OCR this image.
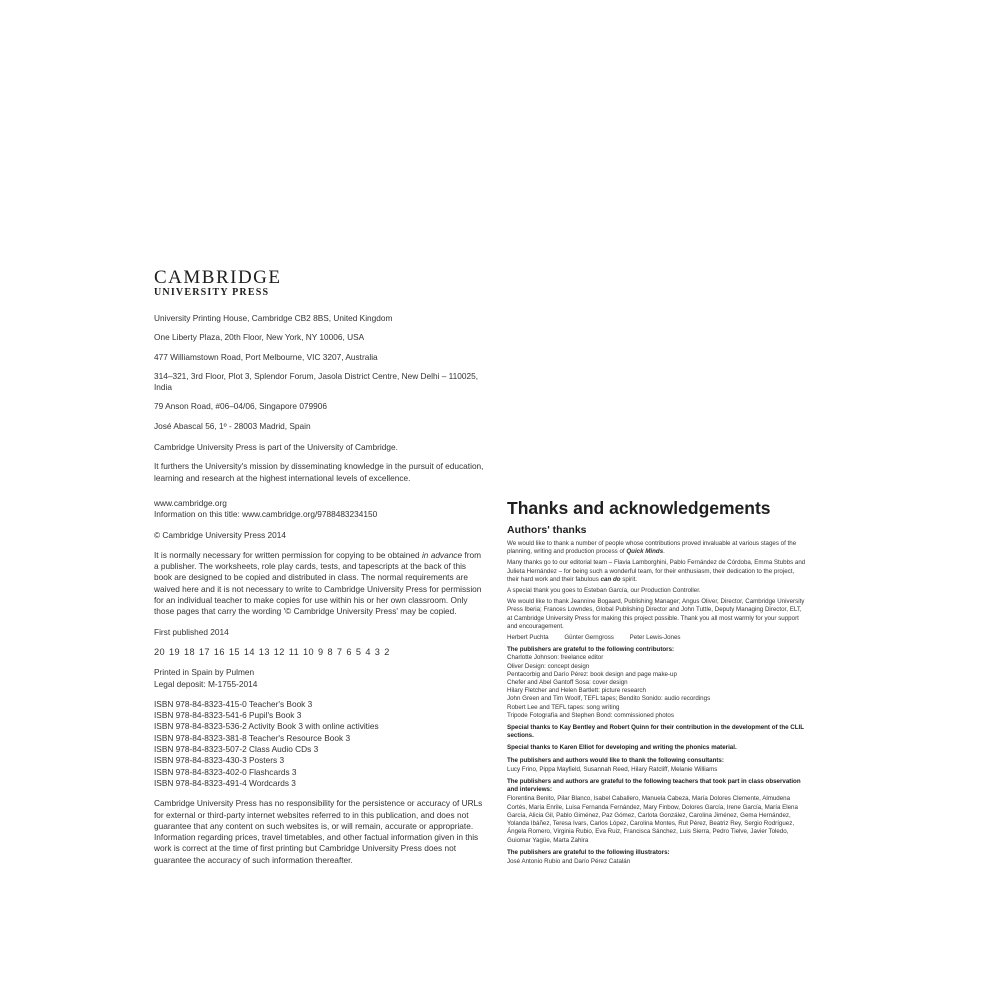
CAMBRIDGE
UNIVERSITY PRESS
University Printing House, Cambridge CB2 8BS, United Kingdom
One Liberty Plaza, 20th Floor, New York, NY 10006, USA
477 Williamstown Road, Port Melbourne, VIC 3207, Australia
314–321, 3rd Floor, Plot 3, Splendor Forum, Jasola District Centre, New Delhi – 110025, India
79 Anson Road, #06–04/06, Singapore 079906
José Abascal 56, 1º - 28003 Madrid, Spain
Cambridge University Press is part of the University of Cambridge.
It furthers the University's mission by disseminating knowledge in the pursuit of education, learning and research at the highest international levels of excellence.
www.cambridge.org
Information on this title: www.cambridge.org/9788483234150
© Cambridge University Press 2014
It is normally necessary for written permission for copying to be obtained in advance from a publisher. The worksheets, role play cards, tests, and tapescripts at the back of this book are designed to be copied and distributed in class. The normal requirements are waived here and it is not necessary to write to Cambridge University Press for permission for an individual teacher to make copies for use within his or her own classroom. Only those pages that carry the wording '© Cambridge University Press' may be copied.
First published 2014
20 19 18 17 16 15 14 13 12 11 10 9 8 7 6 5 4 3 2
Printed in Spain by Pulmen
Legal deposit: M-1755-2014
ISBN 978-84-8323-415-0 Teacher's Book 3
ISBN 978-84-8323-541-6 Pupil's Book 3
ISBN 978-84-8323-536-2 Activity Book 3 with online activities
ISBN 978-84-8323-381-8 Teacher's Resource Book 3
ISBN 978-84-8323-507-2 Class Audio CDs 3
ISBN 978-84-8323-430-3 Posters 3
ISBN 978-84-8323-402-0 Flashcards 3
ISBN 978-84-8323-491-4 Wordcards 3
Cambridge University Press has no responsibility for the persistence or accuracy of URLs for external or third-party internet websites referred to in this publication, and does not guarantee that any content on such websites is, or will remain, accurate or appropriate. Information regarding prices, travel timetables, and other factual information given in this work is correct at the time of first printing but Cambridge University Press does not guarantee the accuracy of such information thereafter.
Thanks and acknowledgements
Authors' thanks
We would like to thank a number of people whose contributions proved invaluable at various stages of the planning, writing and production process of Quick Minds.
Many thanks go to our editorial team – Flavia Lamborghini, Pablo Fernández de Córdoba, Emma Stubbs and Julieta Hernández – for being such a wonderful team, for their enthusiasm, their dedication to the project, their hard work and their fabulous can do spirit.
A special thank you goes to Esteban García, our Production Controller.
We would like to thank Jeannine Bogaard, Publishing Manager; Angus Oliver, Director, Cambridge University Press Iberia; Frances Lowndes, Global Publishing Director and John Tuttle, Deputy Managing Director, ELT, at Cambridge University Press for making this project possible. Thank you all most warmly for your support and encouragement.
Herbert Puchta	Günter Gerngross	Peter Lewis-Jones
The publishers are grateful to the following contributors:
Charlotte Johnson: freelance editor
Oliver Design: concept design
Pentacorbig and Darío Pérez: book design and page make-up
Chefer and Abel Gantoff Sosa: cover design
Hilary Fletcher and Helen Bartlett: picture research
John Green and Tim Woolf, TEFL tapes; Bendito Sonido: audio recordings
Robert Lee and TEFL tapes: song writing
Tripode Fotografía and Stephen Bond: commissioned photos
Special thanks to Kay Bentley and Robert Quinn for their contribution in the development of the CLIL sections.
Special thanks to Karen Elliot for developing and writing the phonics material.
The publishers and authors would like to thank the following consultants:
Lucy Frino, Pippa Mayfield, Susannah Reed, Hilary Ratcliff, Melanie Williams
The publishers and authors are grateful to the following teachers that took part in class observation and interviews:
Florentina Benito, Pilar Blanco, Isabel Caballero, Manuela Cabeza, María Dolores Clemente, Almudena Cortés, María Enrile, Luisa Fernanda Fernández, Mary Finbow, Dolores García, Irene García, María Elena García, Alicia Gil, Pablo Giménez, Paz Gómez, Carlota González, Carolina Jiménez, Gema Hernández, Yolanda Ibáñez, Teresa Ivars, Carlos López, Carolina Montes, Rut Pérez, Beatriz Rey, Sergio Rodríguez, Ángela Romero, Virginia Rubio, Eva Ruiz, Francisca Sánchez, Luis Sierra, Pedro Tielve, Javier Toledo, Guiomar Yagüe, Marta Zahira
The publishers are grateful to the following illustrators:
José Antonio Rubio and Darío Pérez Catalán
